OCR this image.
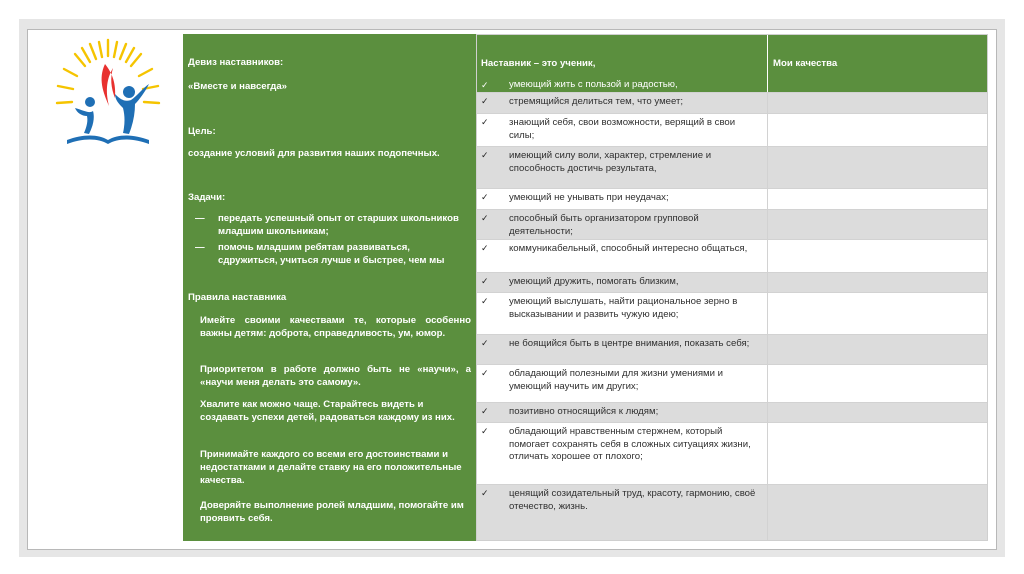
Девиз наставников:
«Вместе и навсегда»
Цель:
создание условий для развития наших подопечных.
Задачи:
— передать успешный опыт от старших школьников младшим школьникам;
— помочь младшим ребятам развиваться, сдружиться, учиться лучше и быстрее, чем мы
Правила наставника
Имейте своими качествами те, которые особенно важны детям: доброта, справедливость, ум, юмор.
Приоритетом в работе должно быть не «научи», а «научи меня делать это самому».
Хвалите как можно чаще. Старайтесь видеть и создавать успехи детей, радоваться каждому из них.
Принимайте каждого со всеми его достоинствами и недостатками и делайте ставку на его положительные качества.
Доверяйте выполнение ролей младшим, помогайте им проявить себя.
Наставник – это ученик,	Мои качества
✓ умеющий жить с пользой и радостью,
✓ стремящийся делиться тем, что умеет;
✓ знающий себя, свои возможности, верящий в свои силы;
✓ имеющий силу воли, характер, стремление и способность достичь результата,
✓ умеющий не унывать при неудачах;
✓ способный быть организатором групповой деятельности;
✓ коммуникабельный, способный интересно общаться,
✓ умеющий дружить, помогать близким,
✓ умеющий выслушать, найти рациональное зерно в высказывании и развить чужую идею;
✓ не боящийся быть в центре внимания, показать себя;
✓ обладающий полезными для жизни умениями и умеющий научить им других;
✓ позитивно относящийся к людям;
✓ обладающий нравственным стержнем, который помогает сохранять себя в сложных ситуациях жизни, отличать хорошее от плохого;
✓ ценящий созидательный труд, красоту, гармонию, своё отечество, жизнь.
